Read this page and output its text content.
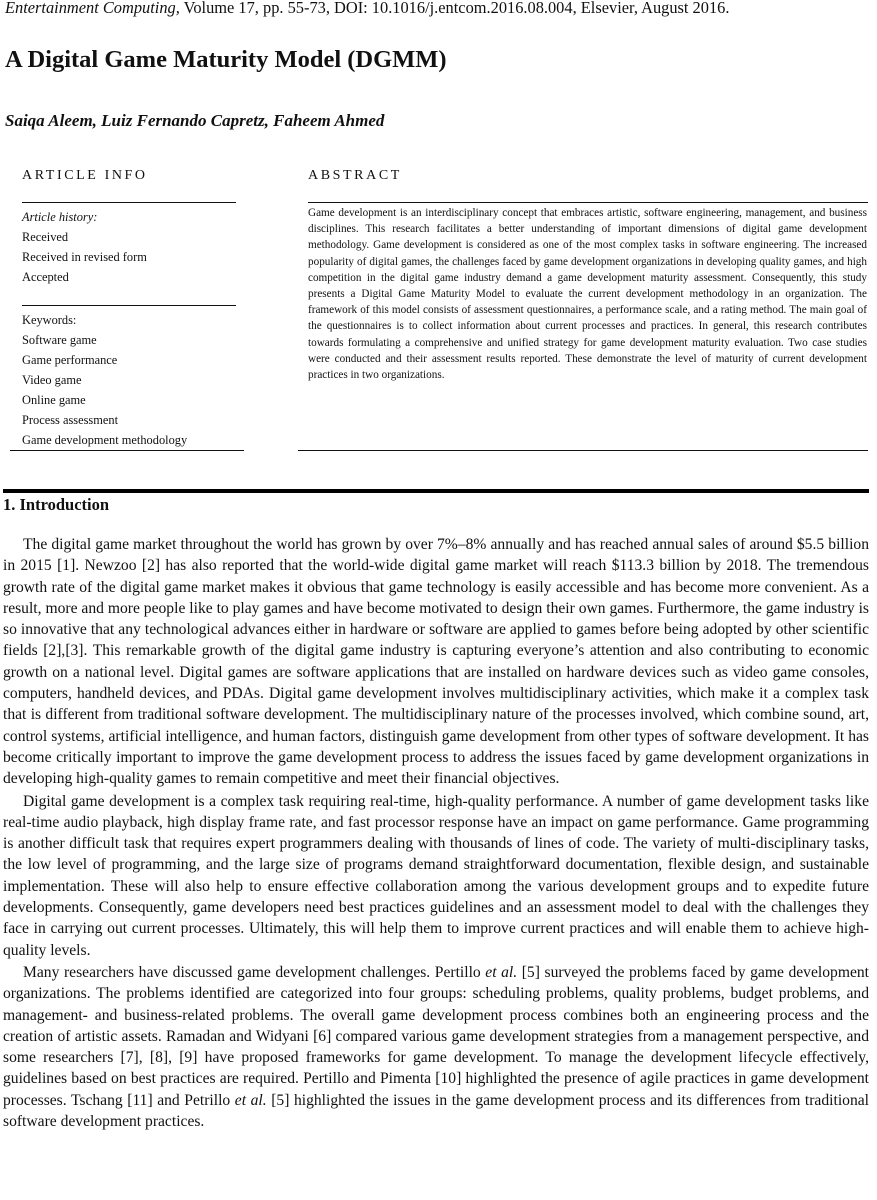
Entertainment Computing, Volume 17, pp. 55-73, DOI: 10.1016/j.entcom.2016.08.004, Elsevier, August 2016.
A Digital Game Maturity Model (DGMM)
Saiqa Aleem, Luiz Fernando Capretz, Faheem Ahmed
ARTICLE INFO	ABSTRACT
Article history:
Received
Received in revised form
Accepted
Keywords:
Software game
Game performance
Video game
Online game
Process assessment
Game development methodology
Game development is an interdisciplinary concept that embraces artistic, software engineering, management, and business disciplines. This research facilitates a better understanding of important dimensions of digital game development methodology. Game development is considered as one of the most complex tasks in software engineering. The increased popularity of digital games, the challenges faced by game development organizations in developing quality games, and high competition in the digital game industry demand a game development maturity assessment. Consequently, this study presents a Digital Game Maturity Model to evaluate the current development methodology in an organization. The framework of this model consists of assessment questionnaires, a performance scale, and a rating method. The main goal of the questionnaires is to collect information about current processes and practices. In general, this research contributes towards formulating a comprehensive and unified strategy for game development maturity evaluation. Two case studies were conducted and their assessment results reported. These demonstrate the level of maturity of current development practices in two organizations.
1. Introduction

The digital game market throughout the world has grown by over 7%–8% annually and has reached annual sales of around $5.5 billion in 2015 [1]. Newzoo [2] has also reported that the world-wide digital game market will reach $113.3 billion by 2018. The tremendous growth rate of the digital game market makes it obvious that game technology is easily accessible and has become more convenient. As a result, more and more people like to play games and have become motivated to design their own games. Furthermore, the game industry is so innovative that any technological advances either in hardware or software are applied to games before being adopted by other scientific fields [2],[3]. This remarkable growth of the digital game industry is capturing everyone’s attention and also contributing to economic growth on a national level. Digital games are software applications that are installed on hardware devices such as video game consoles, computers, handheld devices, and PDAs. Digital game development involves multidisciplinary activities, which make it a complex task that is different from traditional software development. The multidisciplinary nature of the processes involved, which combine sound, art, control systems, artificial intelligence, and human factors, distinguish game development from other types of software development. It has become critically important to improve the game development process to address the issues faced by game development organizations in developing high-quality games to remain competitive and meet their financial objectives.

Digital game development is a complex task requiring real-time, high-quality performance. A number of game development tasks like real-time audio playback, high display frame rate, and fast processor response have an impact on game performance. Game programming is another difficult task that requires expert programmers dealing with thousands of lines of code. The variety of multi-disciplinary tasks, the low level of programming, and the large size of programs demand straightforward documentation, flexible design, and sustainable implementation. These will also help to ensure effective collaboration among the various development groups and to expedite future developments. Consequently, game developers need best practices guidelines and an assessment model to deal with the challenges they face in carrying out current processes. Ultimately, this will help them to improve current practices and will enable them to achieve high-quality levels.

Many researchers have discussed game development challenges. Pertillo et al. [5] surveyed the problems faced by game development organizations. The problems identified are categorized into four groups: scheduling problems, quality problems, budget problems, and management- and business-related problems. The overall game development process combines both an engineering process and the creation of artistic assets. Ramadan and Widyani [6] compared various game development strategies from a management perspective, and some researchers [7], [8], [9] have proposed frameworks for game development. To manage the development lifecycle effectively, guidelines based on best practices are required. Pertillo and Pimenta [10] highlighted the presence of agile practices in game development processes. Tschang [11] and Petrillo et al. [5] highlighted the issues in the game development process and its differences from traditional software development practices.
